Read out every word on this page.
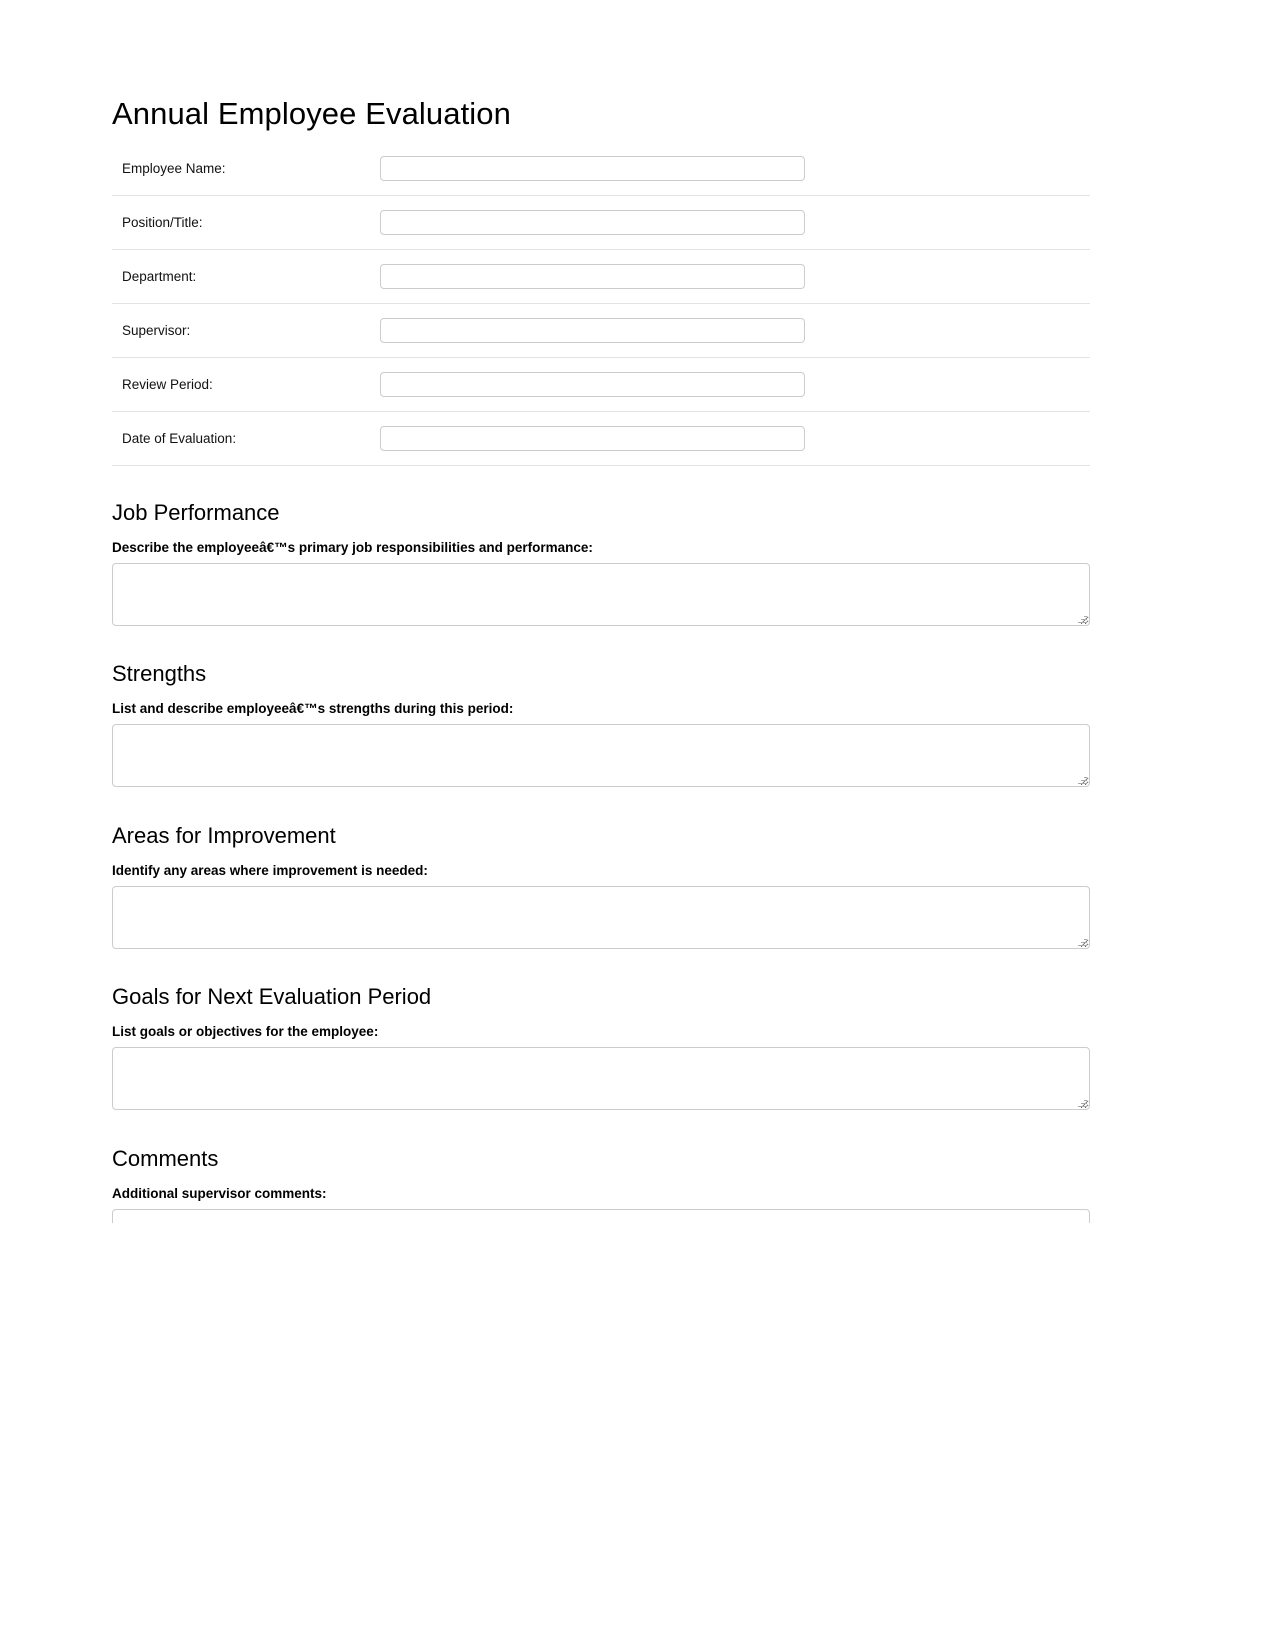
Annual Employee Evaluation
Employee Name:	

Position/Title:	

Department:	

Supervisor:	

Review Period:	

Date of Evaluation:	
Job Performance
Describe the employeeâ€™s primary job responsibilities and performance:
Strengths
List and describe employeeâ€™s strengths during this period:
Areas for Improvement
Identify any areas where improvement is needed:
Goals for Next Evaluation Period
List goals or objectives for the employee:
Comments
Additional supervisor comments:
